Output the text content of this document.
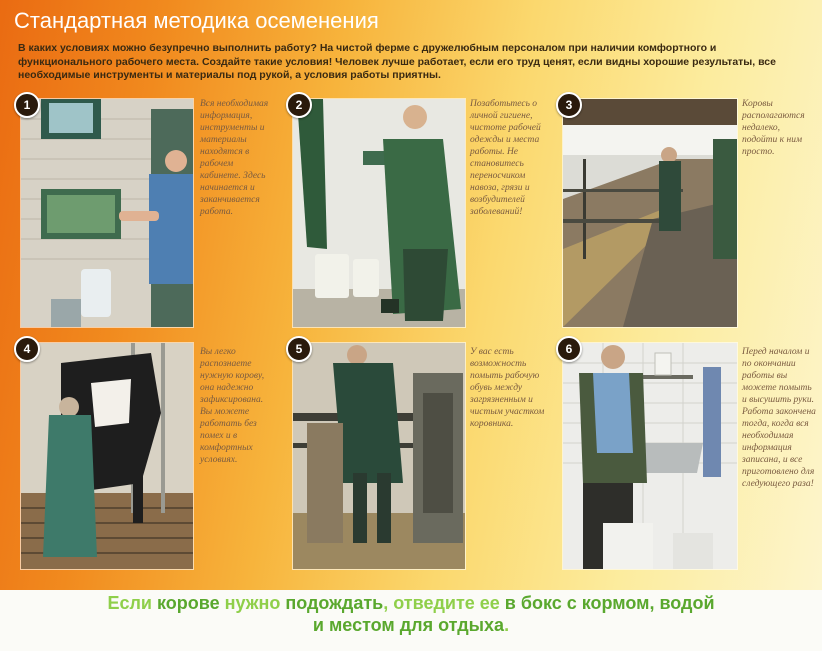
Стандартная методика осеменения

В каких условиях можно безупречно выполнить работу? На чистой ферме с дружелюбным персоналом при наличии комфортного и функционального рабочего места. Создайте такие условия! Человек лучше работает, если его труд ценят, если видны хорошие результаты, все необходимые инструменты и материалы под рукой, а условия работы приятны.

1	Вся необходимая информация, инструменты и материалы находятся в рабочем кабинете. Здесь начинается и заканчивается работа.

2	Позаботьтесь о личной гигиене, чистоте рабочей одежды и места работы. Не становитесь переносчиком навоза, грязи и возбудителей заболеваний!

3	Коровы располагаются недалеко, подойти к ним просто.

4	Вы легко распознаете нужную корову, она надежно зафиксирована. Вы можете работать без помех и в комфортных условиях.

5	У вас есть возможность помыть рабочую обувь между загрязненным и чистым участком коровника.

6	Перед началом и по окончании работы вы можете помыть и высушить руки. Работа закончена тогда, когда вся необходимая информация записана, и все приготовлено для следующего раза!

Если корове нужно подождать, отведите ее в бокс с кормом, водой
и местом для отдыха.
